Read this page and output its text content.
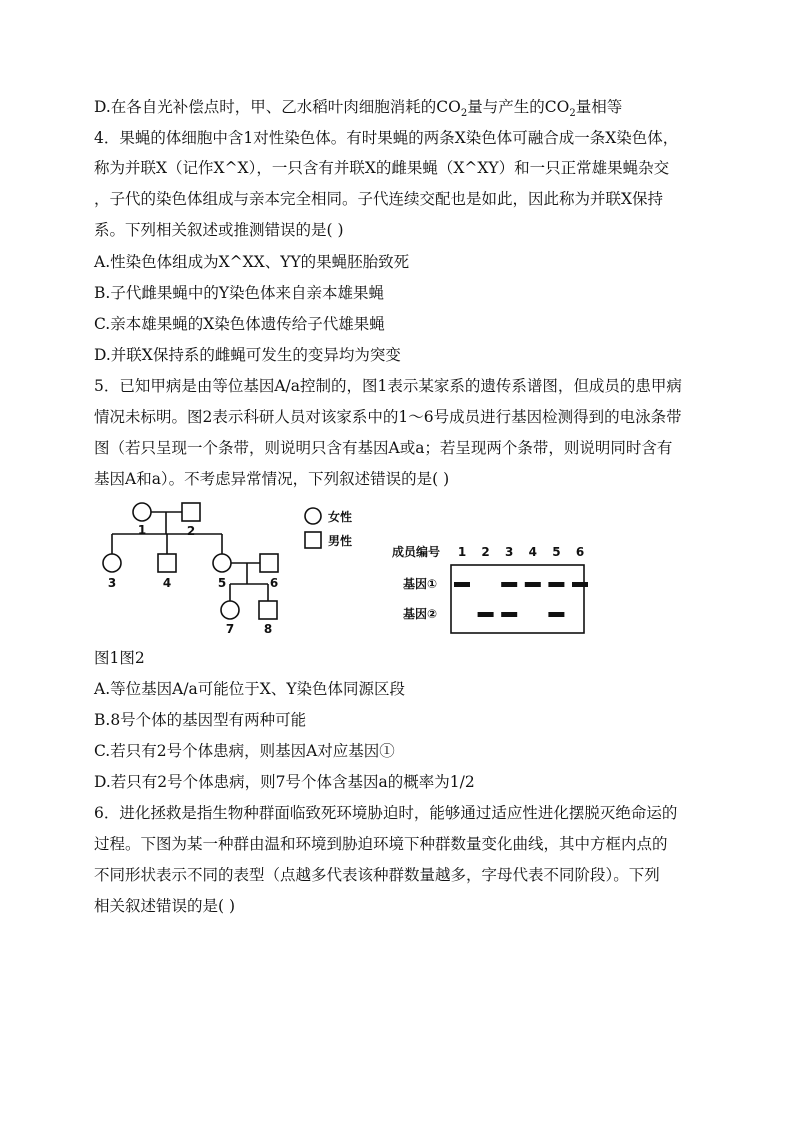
D.在各自光补偿点时，甲、乙水稻叶肉细胞消耗的$CO_2$量与产生的$CO_2$量相等
4．果蝇的体细胞中含1对性染色体。有时果蝇的两条X染色体可融合成一条X染色体，
称为并联X（记作X^X），一只含有并联X的雌果蝇（X^XY）和一只正常雄果蝇杂交
，子代的染色体组成与亲本完全相同。子代连续交配也是如此，因此称为并联X保持
系。下列相关叙述或推测错误的是( )
A.性染色体组成为X^XX、YY的果蝇胚胎致死
B.子代雌果蝇中的Y染色体来自亲本雄果蝇
C.亲本雄果蝇的X染色体遗传给子代雄果蝇
D.并联X保持系的雌蝇可发生的变异均为突变
5．已知甲病是由等位基因A/a控制的，图1表示某家系的遗传系谱图，但成员的患甲病
情况未标明。图2表示科研人员对该家系中的1～6号成员进行基因检测得到的电泳条带
图（若只呈现一个条带，则说明只含有基因A或a；若呈现两个条带，则说明同时含有
基因A和a）。不考虑异常情况，下列叙述错误的是( )
1	2
3	4	5	6
7 8
女性
男性
成员编号 1 2 3 4 5 6
基因①
基因②
图1图2
A.等位基因A/a可能位于X、Y染色体同源区段
B.8号个体的基因型有两种可能
C.若只有2号个体患病，则基因A对应基因①
D.若只有2号个体患病，则7号个体含基因a的概率为1/2
6．进化拯救是指生物种群面临致死环境胁迫时，能够通过适应性进化摆脱灭绝命运的
过程。下图为某一种群由温和环境到胁迫环境下种群数量变化曲线，其中方框内点的
不同形状表示不同的表型（点越多代表该种群数量越多，字母代表不同阶段）。下列
相关叙述错误的是( )
